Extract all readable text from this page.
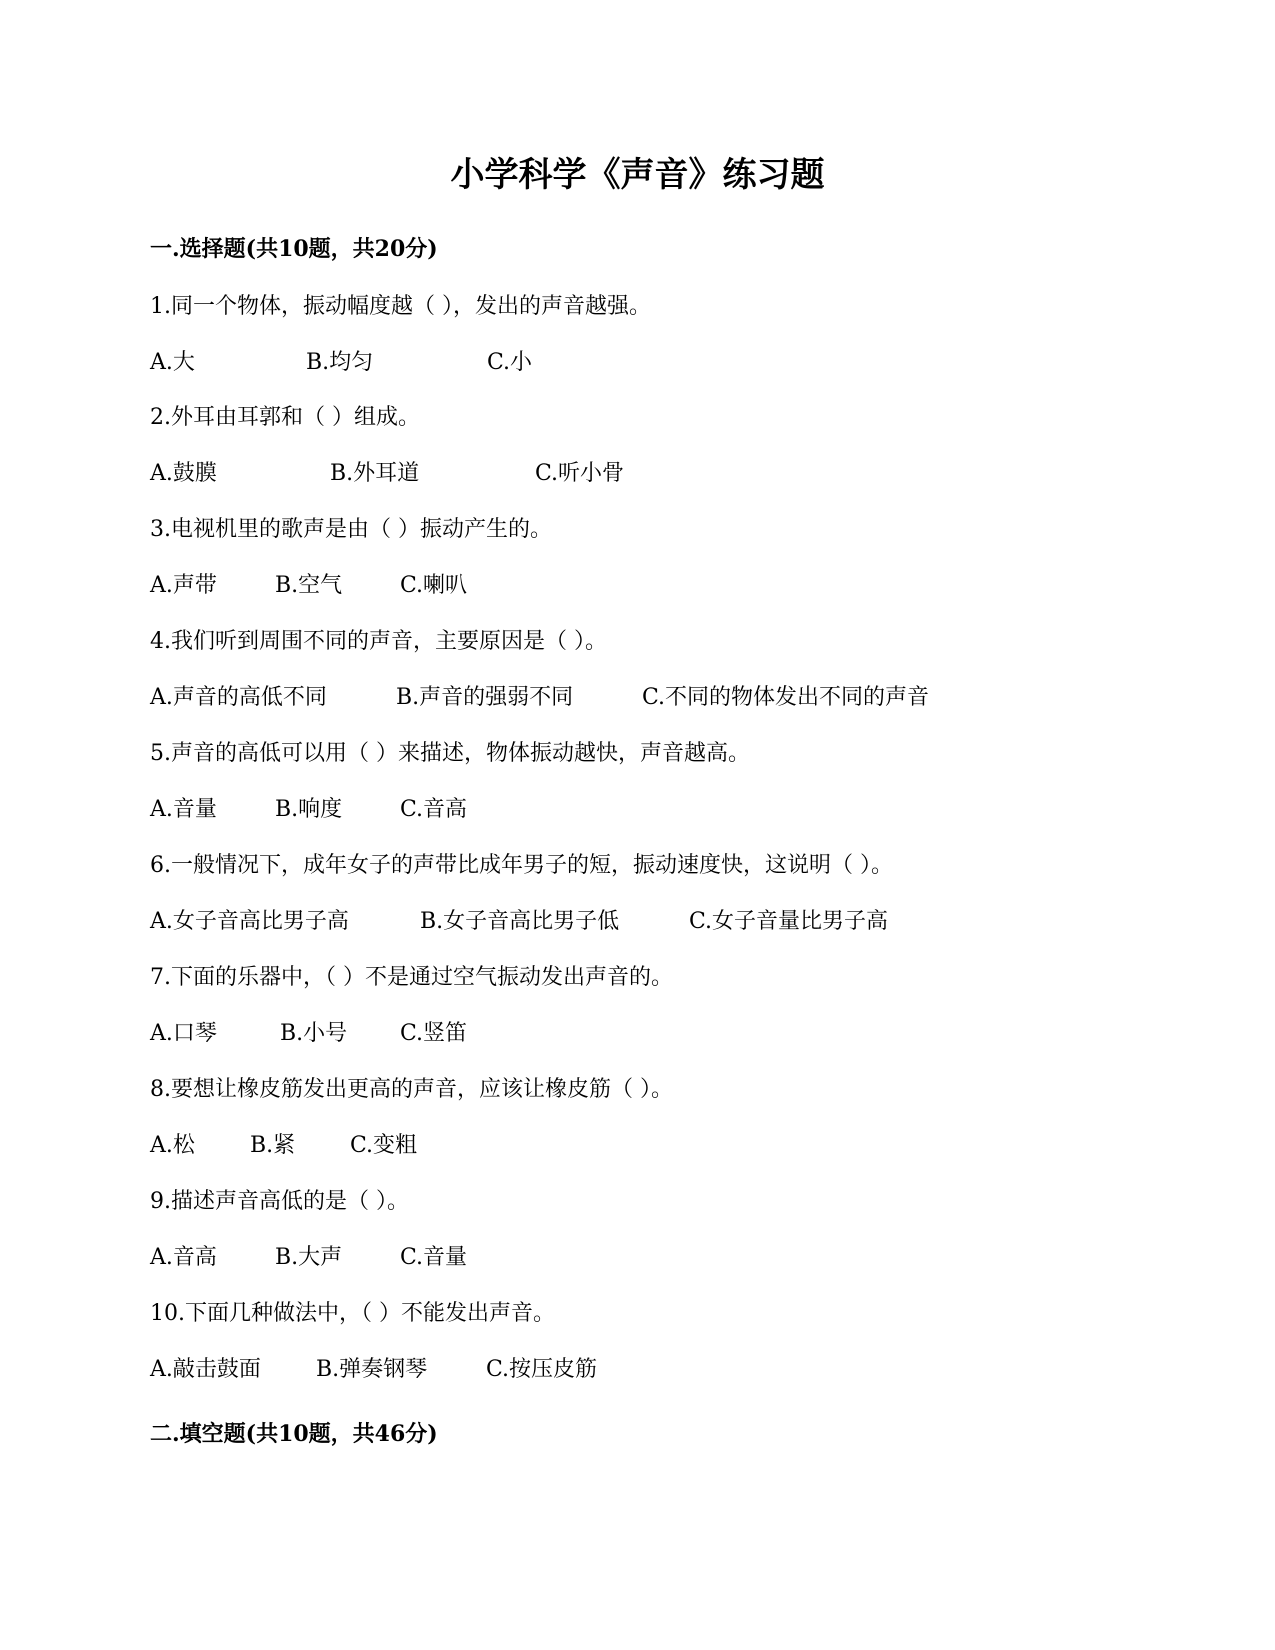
小学科学《声音》练习题
一.选择题(共10题，共20分)
1.同一个物体，振动幅度越（ ），发出的声音越强。
A.大	B.均匀	C.小
2.外耳由耳郭和（ ）组成。
A.鼓膜	B.外耳道	C.听小骨
3.电视机里的歌声是由（ ）振动产生的。
A.声带	B.空气	C.喇叭
4.我们听到周围不同的声音，主要原因是（ ）。
A.声音的高低不同	B.声音的强弱不同	C.不同的物体发出不同的声音
5.声音的高低可以用（ ）来描述，物体振动越快，声音越高。
A.音量	B.响度	C.音高
6.一般情况下，成年女子的声带比成年男子的短，振动速度快，这说明（ ）。
A.女子音高比男子高	B.女子音高比男子低	C.女子音量比男子高
7.下面的乐器中，（ ）不是通过空气振动发出声音的。
A.口琴	B.小号 C.竖笛
8.要想让橡皮筋发出更高的声音，应该让橡皮筋（ ）。
A.松	B.紧 C.变粗
9.描述声音高低的是（ ）。
A.音高	B.大声	C.音量
10.下面几种做法中，（ ）不能发出声音。
A.敲击鼓面	B.弹奏钢琴	C.按压皮筋
二.填空题(共10题，共46分)
